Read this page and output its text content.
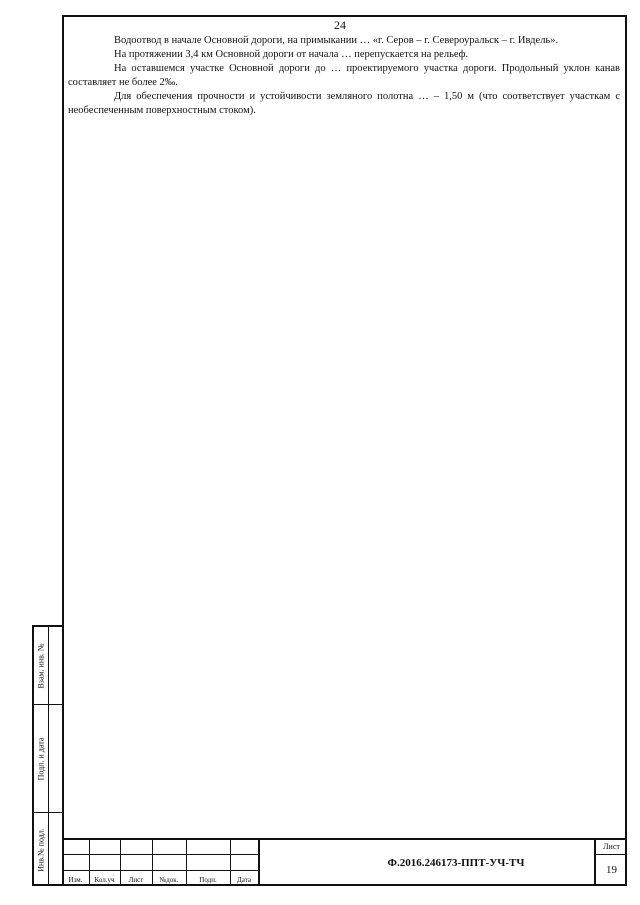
24

Водоотвод в начале Основной дороги, на примыкании … «г. Серов – г. Североуральск – г. Ивдель».

На протяжении 3,4 км Основной дороги от начала … перепускается на рельеф.

На оставшемся участке Основной дороги до … проектируемого участка дороги. Продольный уклон канав составляет не более 2‰.

Для обеспечения прочности и устойчивости земляного полотна … – 1,50 м (что соответствует участкам с необеспеченным поверхностным стоком).

Взам. инв. №
Подп. и дата
Инв.№ подл.
Изм.	Кол.уч	Лист	№док.	Подп.	Дата
Ф.2016.246173-ППТ-УЧ-ТЧ
Лист
19
